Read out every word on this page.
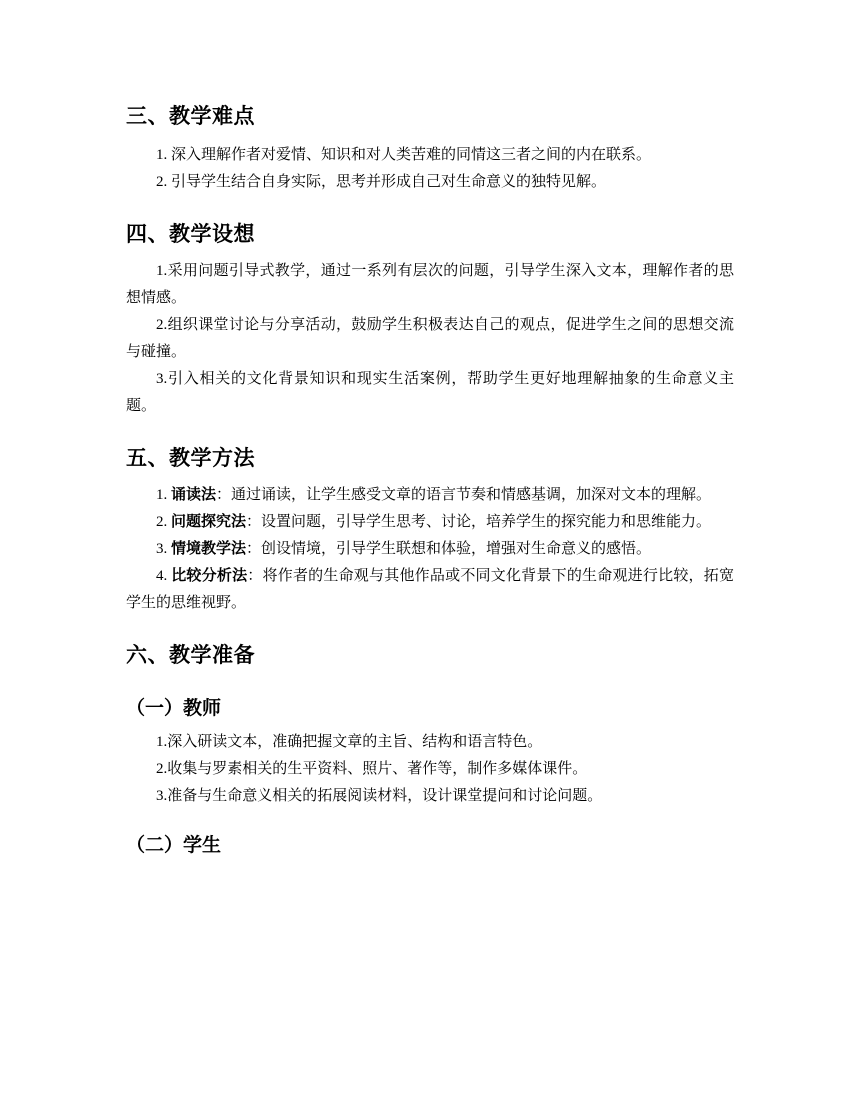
三、教学难点

1. 深入理解作者对爱情、知识和对人类苦难的同情这三者之间的内在联系。

2. 引导学生结合自身实际，思考并形成自己对生命意义的独特见解。

四、教学设想

1.采用问题引导式教学，通过一系列有层次的问题，引导学生深入文本，理解作者的思想情感。

2.组织课堂讨论与分享活动，鼓励学生积极表达自己的观点，促进学生之间的思想交流与碰撞。

3.引入相关的文化背景知识和现实生活案例，帮助学生更好地理解抽象的生命意义主题。

五、教学方法

1. 诵读法：通过诵读，让学生感受文章的语言节奏和情感基调，加深对文本的理解。

2. 问题探究法：设置问题，引导学生思考、讨论，培养学生的探究能力和思维能力。

3. 情境教学法：创设情境，引导学生联想和体验，增强对生命意义的感悟。

4. 比较分析法：将作者的生命观与其他作品或不同文化背景下的生命观进行比较，拓宽学生的思维视野。

六、教学准备
（一）教师

1.深入研读文本，准确把握文章的主旨、结构和语言特色。

2.收集与罗素相关的生平资料、照片、著作等，制作多媒体课件。

3.准备与生命意义相关的拓展阅读材料，设计课堂提问和讨论问题。

（二）学生
